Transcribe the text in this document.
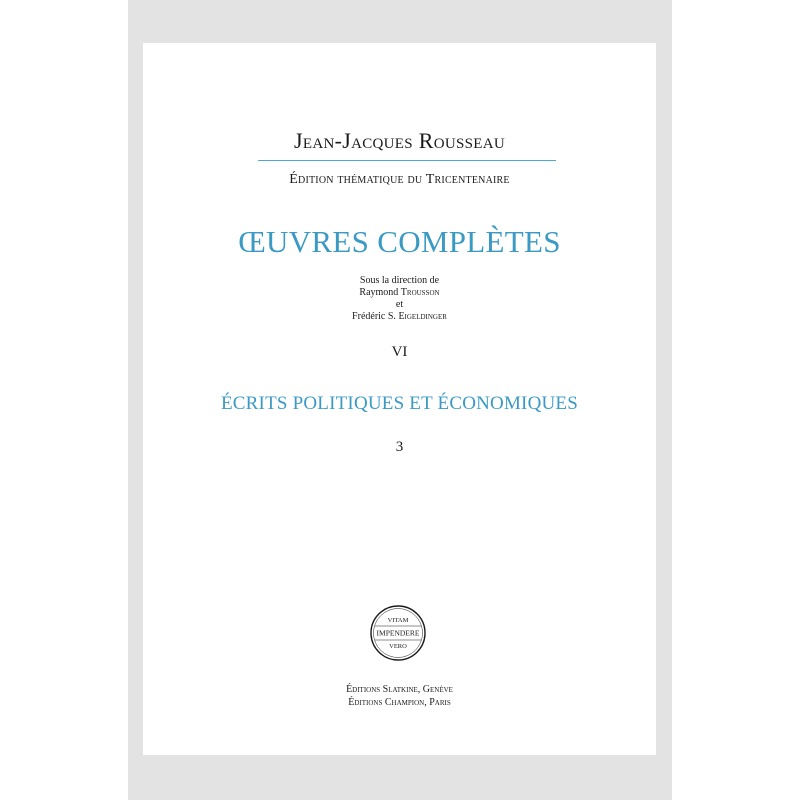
Jean-Jacques Rousseau
Édition thématique du Tricentenaire
ŒUVRES COMPLÈTES
Sous la direction de
Raymond Trousson
et
Frédéric S. Eigeldinger
VI
ÉCRITS POLITIQUES ET ÉCONOMIQUES
3
VITAM
IMPENDERE
VERO
Éditions Slatkine, Genève
Éditions Champion, Paris
